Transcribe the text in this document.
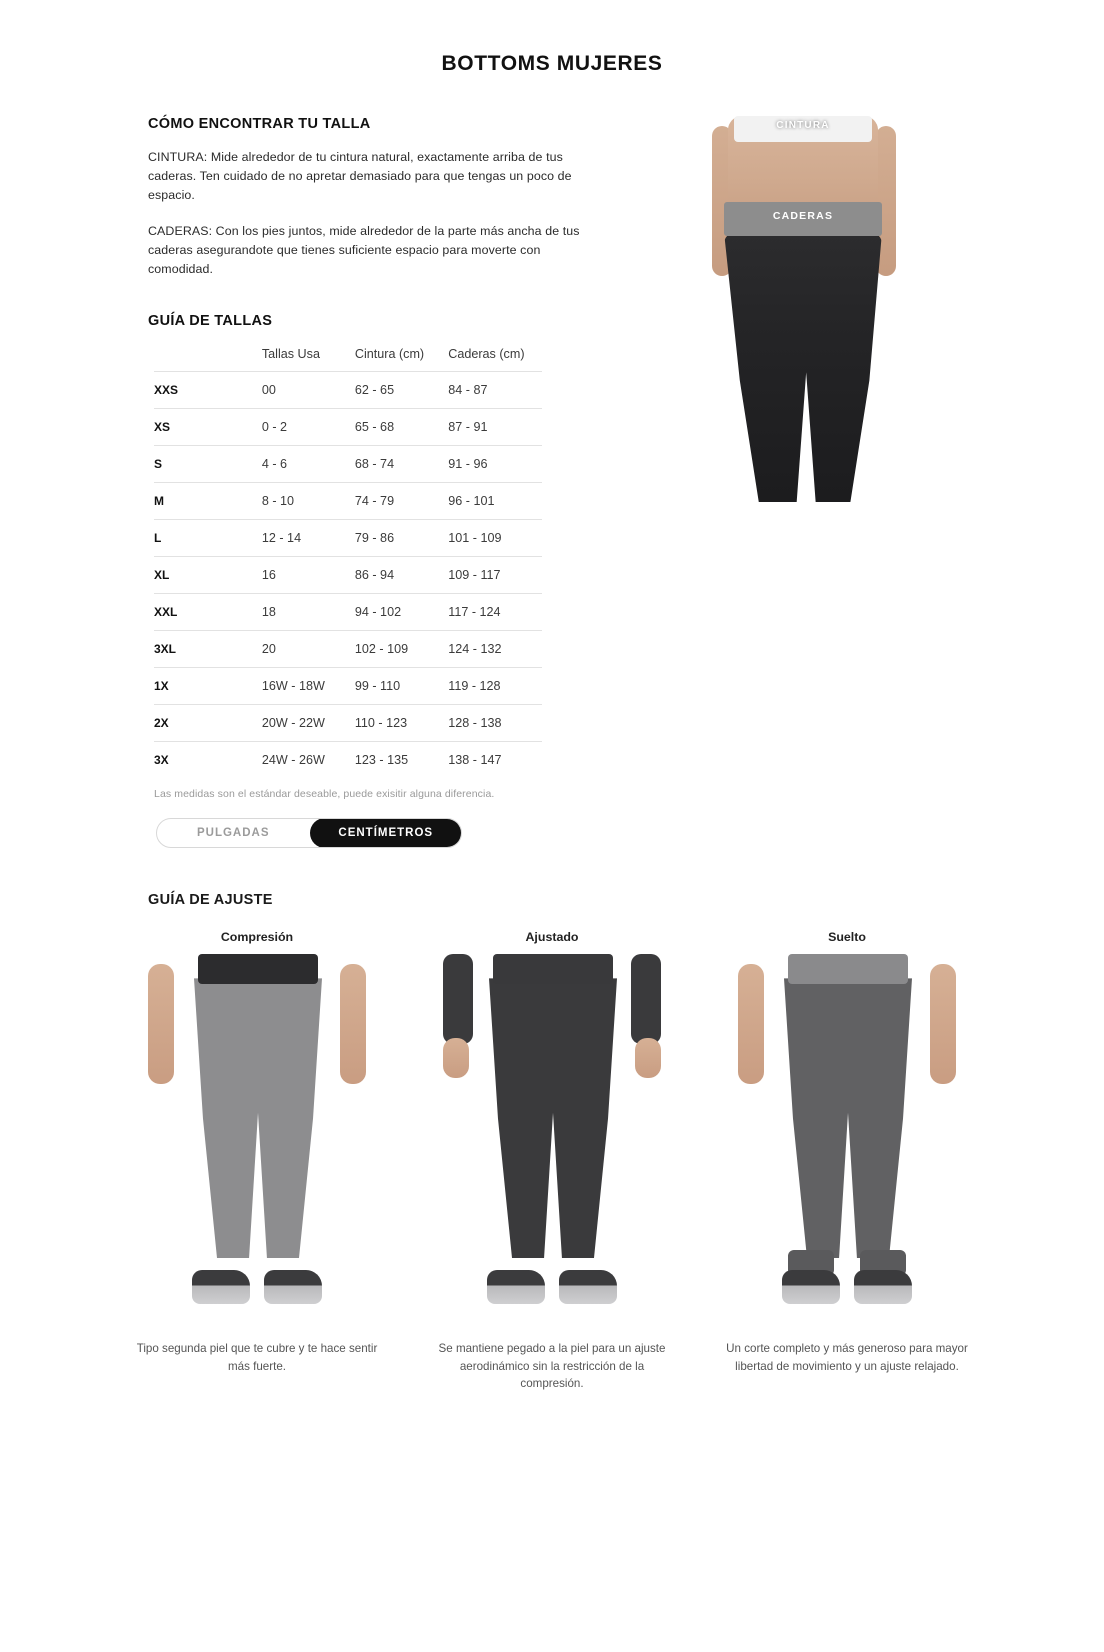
BOTTOMS MUJERES
CÓMO ENCONTRAR TU TALLA

CINTURA: Mide alrededor de tu cintura natural, exactamente arriba de tus caderas. Ten cuidado de no apretar demasiado para que tengas un poco de espacio.

CADERAS: Con los pies juntos, mide alrededor de la parte más ancha de tus caderas asegurandote que tienes suficiente espacio para moverte con comodidad.

GUÍA DE TALLAS
	Tallas Usa	Cintura (cm)	Caderas (cm)
XXS	00	62 - 65	84 - 87
XS	0 - 2	65 - 68	87 - 91
S	4 - 6	68 - 74	91 - 96
M	8 - 10	74 - 79	96 - 101
L	12 - 14	79 - 86	101 - 109
XL	16	86 - 94	109 - 117
XXL	18	94 - 102	117 - 124
3XL	20	102 - 109	124 - 132
1X	16W - 18W	99 - 110	119 - 128
2X	20W - 22W	110 - 123	128 - 138
3X	24W - 26W	123 - 135	138 - 147
Las medidas son el estándar deseable, puede exisitir alguna diferencia.
PULGADAS	CENTÍMETROS
CINTURA
CADERAS
GUÍA DE AJUSTE
Compresión
Tipo segunda piel que te cubre y te hace sentir más fuerte.
Ajustado
Se mantiene pegado a la piel para un ajuste aerodinámico sin la restricción de la compresión.
Suelto
Un corte completo y más generoso para mayor libertad de movimiento y un ajuste relajado.
